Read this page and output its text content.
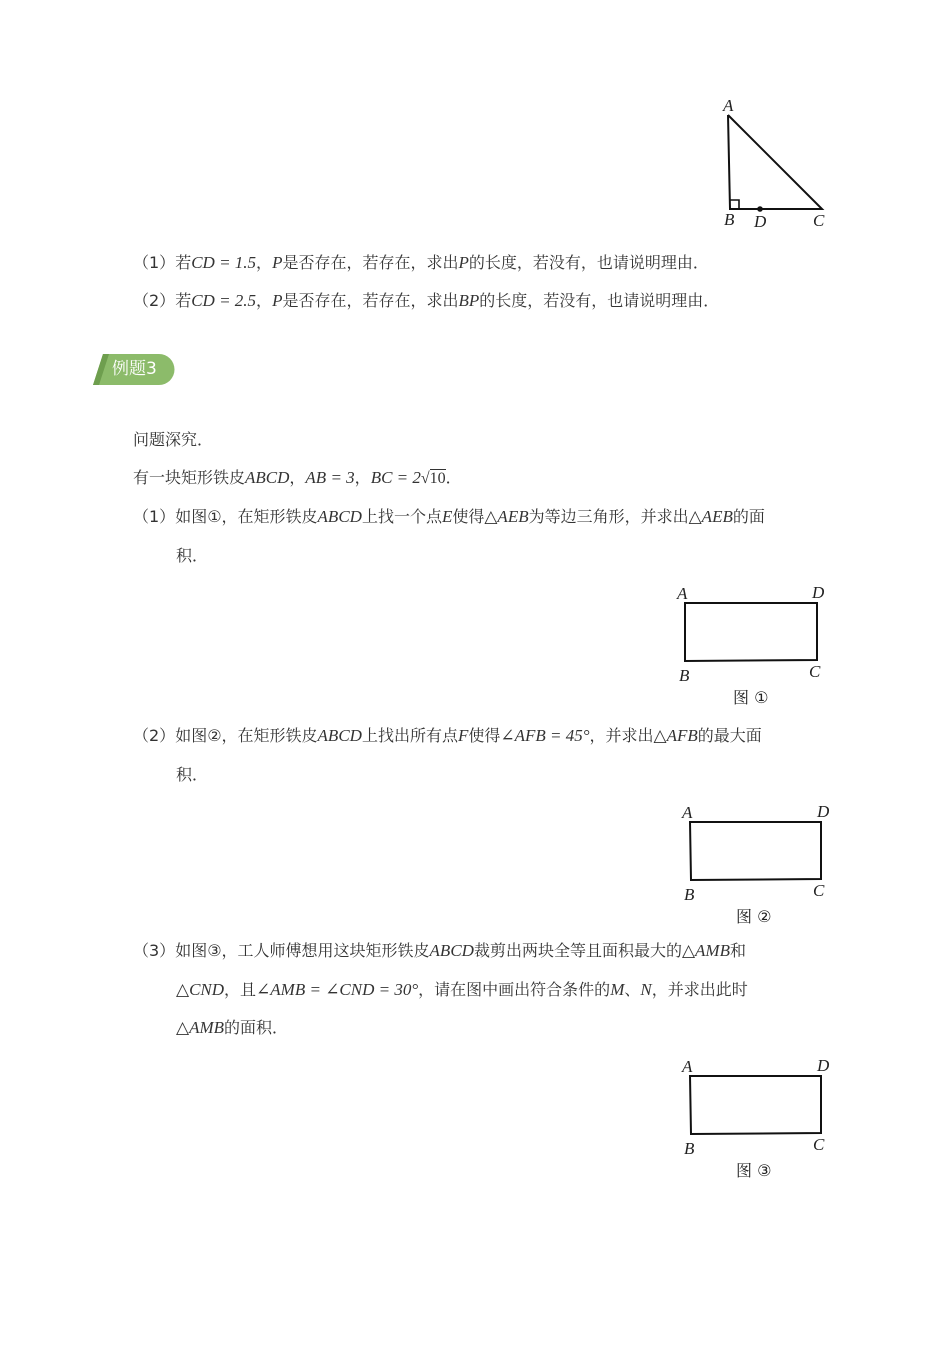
A
B D	C
（1）若CD = 1.5，P是否存在，若存在，求出P的长度，若没有，也请说明理由．
（2）若CD = 2.5，P是否存在，若存在，求出BP的长度，若没有，也请说明理由．
例题3
问题深究．
有一块矩形铁皮ABCD，AB = 3，BC = 2√10．
（1）如图①，在矩形铁皮ABCD上找一个点E使得△AEB为等边三角形，并求出△AEB的面
积．
A	D
B	C
图 ①
（2）如图②，在矩形铁皮ABCD上找出所有点F使得∠AFB = 45°，并求出△AFB的最大面
积．
A	D
B	C
图 ②
（3）如图③，工人师傅想用这块矩形铁皮ABCD裁剪出两块全等且面积最大的△AMB和
△CND，且∠AMB = ∠CND = 30°，请在图中画出符合条件的M、N，并求出此时
△AMB的面积．
A	D
B	C
图 ③
